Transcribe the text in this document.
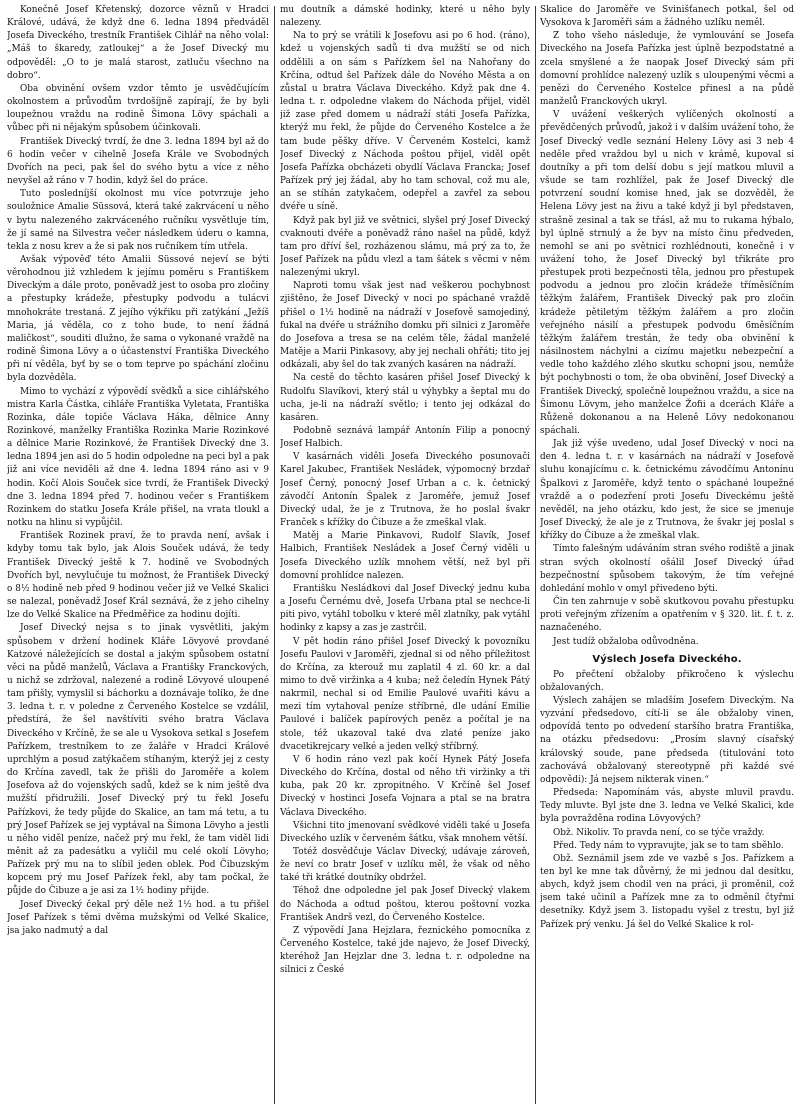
Konečně Josef Křetenský, dozorce věznů v Hradci Králové, udává, že když dne 6. ledna 1894 předváděl Josefa Diveckého, trestník František Cihlář na něho volal: „Máš to škaredy, zatloukej“ a že Josef Divecký mu odpověděl: „O to je malá starost, zatluču všechno na dobro“.

Oba obvinění ovšem vzdor těmto je usvědčujícím okolnostem a průvodům tvrdošíjně zapírají, že by byli loupežnou vraždu na rodině Šimona Lövy spáchali a vůbec při ni nějakým spůsobem účinkovali.

František Divecký tvrdí, že dne 3. ledna 1894 byl až do 6 hodin večer v cihelně Josefa Krále ve Svobodných Dvořích na peci, pak šel do svého bytu a více z něho nevyšel až ráno v 7 hodin, když šel do práce.

Tuto posledníjší okolnost mu více potvrzuje jeho souložnice Amalie Süssová, která také zakrvácení u něho v bytu nalezeného zakrváceného ručníku vysvětluje tím, že jí samé na Silvestra večer následkem úderu o kamna, tekla z nosu krev a že si pak nos ručníkem tím utřela.

Avšak výpověď této Amalii Süssové nejeví se býti věrohodnou již vzhledem k jejímu poměru s Františkem Diveckým a dále proto, poněvadž jest to osoba pro zločiny a přestupky krádeže, přestupky podvodu a tulácvi mnohokráte trestaná. Z jejího výkřiku při zatýkání „Ježíš Maria, já věděla, co z toho bude, to není žádná maličkost“, souditi dlužno, že sama o vykonané vraždě na rodině Šimona Lövy a o účastenství Františka Diveckého při ní věděla, byť by se o tom teprve po spáchání zločinu byla dozvěděla.

Mimo to vychází z výpovědí svědků a sice cihlářského mistra Karla Částka, cihláře Františka Vyletata, Františka Rozinka, dále topiče Václava Háka, dělnice Anny Rozinkové, manželky Františka Rozinka Marie Rozinkové a dělnice Marie Rozinkové, že František Divecký dne 3. ledna 1894 jen asi do 5 hodin odpoledne na peci byl a pak již ani více neviděli až dne 4. ledna 1894 ráno asi v 9 hodin. Kočí Alois Souček sice tvrdí, že František Divecký dne 3. ledna 1894 před 7. hodinou večer s Františkem Rozinkem do statku Josefa Krále přišel, na vrata tloukl a notku na hlinu si vypůjčil.

František Rozinek praví, že to pravda není, avšak i kdyby tomu tak bylo, jak Alois Souček udává, že tedy František Divecký ještě k 7. hodině ve Svobodných Dvořích byl, nevylučuje tu možnost, že František Divecký o 8½ hodině neb před 9 hodinou večer již ve Velké Skalici se nalezal, poněvadž Josef Král seznává, že z jeho cihelny lze do Velké Skalice na Předměřice za hodinu dojíti.

Josef Divecký nejsa s to jinak vysvětliti, jakým spůsobem v držení hodinek Kláře Lövyové provdané Katzové náležejících se dostal a jakým spůsobem ostatní věci na půdě manželů, Václava a Františky Franckových, u nichž se zdržoval, nalezené a rodině Lövyové uloupené tam přišly, vymyslil si báchorku a doznávaje toliko, že dne 3. ledna t. r. v poledne z Červeného Kostelce se vzdálil, předstírá, že šel navštíviti svého bratra Václava Diveckého v Krčíně, že se ale u Vysokova setkal s Josefem Pařízkem, trestníkem to ze žaláře v Hradci Králové uprchlým a posud zatýkačem stíhaným, kterýž jej z cesty do Krčína zavedl, tak že přišli do Jaroměře a kolem Josefova až do vojenských sadů, kdež se k nim ještě dva mužští přidružili. Josef Divecký prý tu řekl Josefu Pařízkovi, že tedy půjde do Skalice, an tam má tetu, a tu prý Josef Pařízek se jej vyptával na Šimona Lövyho a jestli u něho viděl peníze, načež prý mu řekl, že tam viděl lidi měnit až za padesátku a vyličil mu celé okolí Lövyho; Pařízek prý mu na to slíbil jeden oblek. Pod Čibuzským kopcem prý mu Josef Pařízek řekl, aby tam počkal, že půjde do Čibuze a je asi za 1½ hodiny přijde.

Josef Divecký čekal prý děle než 1½ hod. a tu přišel Josef Pařízek s těmi dvěma mužskými od Velké Skalice, jsa jako nadmutý a dal

mu doutník a dámské hodinky, které u něho byly nalezeny.

Na to prý se vrátili k Josefovu asi po 6 hod. (ráno), kdež u vojenských sadů ti dva mužští se od nich oddělili a on sám s Pařízkem šel na Nahořany do Krčína, odtud šel Pařízek dále do Nového Města a on zůstal u bratra Václava Diveckého. Když pak dne 4. ledna t. r. odpoledne vlakem do Náchoda přijel, viděl již zase před domem u nádraží státi Josefa Pařízka, kterýž mu řekl, že půjde do Červeného Kostelce a že tam bude pěšky dříve. V Červeném Kostelci, kamž Josef Divecký z Náchoda poštou přijel, viděl opět Josefa Pařízka obcházeti obydlí Václava Francka; Josef Pařízek prý jej žádal, aby ho tam schoval, což mu ale, an se stíhán zatykačem, odepřel a zavřel za sebou dvéře u síně.

Když pak byl již ve světnici, slyšel prý Josef Divecký cvaknouti dvéře a poněvadž ráno našel na půdě, když tam pro dříví šel, rozházenou slámu, má prý za to, že Josef Pařízek na půdu vlezl a tam šátek s věcmi v něm nalezenými ukryl.

Naproti tomu však jest nad veškerou pochybnost zjištěno, že Josef Divecký v noci po spáchané vraždě přišel o 1½ hodině na nádraží v Josefově samojediný, fukal na dvéře u strážního domku při silnici z Jaroměře do Josefova a tresa se na celém těle, žádal manželé Matěje a Marii Pinkasovy, aby jej nechali ohřáti; tito jej odkázali, aby šel do tak zvaných kasáren na nádraží.

Na cestě do těchto kasáren přišel Josef Divecký k Rudolfu Slavíkovi, který stál u výhybky a šeptal mu do ucha, je-li na nádraží světlo; i tento jej odkázal do kasáren.

Podobně seznává lampář Antonín Filip a ponocný Josef Halbich.

V kasárnách viděli Josefa Diveckého posunovači Karel Jakubec, František Nesládek, výpomocný brzdař Josef Černý, ponocný Josef Urban a c. k. četnický závodčí Antonín Špalek z Jaroměře, jemuž Josef Divecký udal, že je z Trutnova, že ho poslal švakr Franček s křížky do Čibuze a že zmeškal vlak.

Matěj a Marie Pinkavovi, Rudolf Slavík, Josef Halbich, František Nesládek a Josef Černý viděli u Josefa Diveckého uzlík mnohem větší, než byl při domovní prohlídce nalezen.

Františku Nesládkovi dal Josef Divecký jednu kuba a Josefu Černému dvě, Josefa Urbana ptal se nechce-li piti pivo, vytáhl tobolku v které měl zlatníky, pak vytáhl hodinky z kapsy a zas je zastrčil.

V pět hodin ráno přišel Josef Divecký k povozníku Josefu Paulovi v Jaroměři, zjednal si od něho příležitost do Krčína, za kterouž mu zaplatil 4 zl. 60 kr. a dal mimo to dvě viržinka a 4 kuba; než čeledín Hynek Pátý nakrmil, nechal si od Emilie Paulové uvařiti kávu a mezi tím vytahoval peníze stříbrné, dle udání Emilie Paulové i balíček papírových peněz a počítal je na stole, též ukazoval také dva zlaté peníze jako dvacetikrejcary velké a jeden velký stříbrný.

V 6 hodin ráno vezl pak kočí Hynek Pátý Josefa Diveckého do Krčína, dostal od něho tři viržinky a tři kuba, pak 20 kr. zpropitného. V Krčíně šel Josef Divecký v hostinci Josefa Vojnara a ptal se na bratra Václava Diveckého.

Všichni tito jmenovaní svědkové viděli také u Josefa Diveckého uzlík v červeném šátku, však mnohem větší.

Totéž dosvědčuje Václav Divecký, udávaje zároveň, že neví co bratr Josef v uzlíku měl, že však od něho také tři krátké doutníky obdržel.

Téhož dne odpoledne jel pak Josef Divecký vlakem do Náchoda a odtud poštou, kterou poštovní vozka František Andrš vezl, do Červeného Kostelce.

Z výpovědí Jana Hejzlara, řeznického pomocníka z Červeného Kostelce, také jde najevo, že Josef Divecký, kteréhož Jan Hejzlar dne 3. ledna t. r. odpoledne na silnici z České

Skalice do Jaroměře ve Svinišťanech potkal, šel od Vysokova k Jaroměři sám a žádného uzlíku neměl.

Z toho všeho následuje, že vymlouvání se Josefa Diveckého na Josefa Pařízka jest úplně bezpodstatné a zcela smyšlené a že naopak Josef Divecký sám při domovní prohlídce nalezený uzlík s uloupenými věcmi a penězi do Červeného Kostelce přinesl a na půdě manželů Franckových ukryl.

V uvážení veškerých vylíčených okolností a převědčených průvodů, jakož i v dalším uvážení toho, že Josef Divecký vedle seznání Heleny Lövy asi 3 neb 4 neděle před vraždou byl u nich v krámě, kupoval si doutníky a při tom delší dobu s její matkou mluvil a všude se tam rozhlížel, pak že Josef Divecký dle potvrzení soudní komise hned, jak se dozvěděl, že Helena Lövy jest na živu a také když ji byl představen, strašně zesinal a tak se třásl, až mu to rukama hýbalo, byl úplně strnulý a že byv na místo činu předveden, nemohl se ani po světnici rozhlédnouti, konečně i v uvážení toho, že Josef Divecký byl třikráte pro přestupek proti bezpečnosti těla, jednou pro přestupek podvodu a jednou pro zločin krádeže tříměsíčním těžkým žalářem, František Divecký pak pro zločin krádeže pětiletým těžkým žalářem a pro zločin veřejného násilí a přestupek podvodu 6měsíčním těžkým žalářem trestán, že tedy oba obvinění k násilnostem náchylni a cizímu majetku nebezpeční a vedle toho každého zlého skutku schopni jsou, nemůže být pochybnosti o tom, že oba obvinění, Josef Divecký a František Divecký, společně loupežnou vraždu, a sice na Šimonu Lövym, jeho manželce Žofii a dcerách Kláře a Růženě dokonanou a na Heleně Lövy nedokonanou spáchali.

Jak již výše uvedeno, udal Josef Divecký v noci na den 4. ledna t. r. v kasárnách na nádraží v Josefově sluhu konajícímu c. k. četnickému závodčímu Antonínu Špalkovi z Jaroměře, když tento o spáchané loupežné vraždě a o podezření proti Josefu Diveckému ještě nevěděl, na jeho otázku, kdo jest, že sice se jmenuje Josef Divecký, že ale je z Trutnova, že švakr jej poslal s křížky do Čibuze a že zmeškal vlak.

Tímto falešným udáváním stran svého rodiště a jinak stran svých okolností ošálil Josef Divecký úřad bezpečnostní spůsobem takovým, že tím veřejné dohledání mohlo v omyl přivedeno býti.

Čin ten zahrnuje v sobě skutkovou povahu přestupku proti veřejným zřízením a opatřením v § 320. lit. f. t. z. naznačeného.

Jest tudíž obžaloba odůvodněna.

Výslech Josefa Diveckého.

Po přečtení obžaloby přikročeno k výslechu obžalovaných.

Výslech zahájen se mladším Josefem Diveckým. Na vyzvání předsedovo, cítí-li se ále obžaloby vinen, odpovídá tento po odvedení staršího bratra Františka, na otázku předsedovu: „Prosím slavný císařský královský soude, pane předseda (titulování toto zachovává obžalovaný stereotypně při každé své odpovědi): Já nejsem nikterak vinen.“

Předseda: Napomínám vás, abyste mluvil pravdu. Tedy mluvte. Byl jste dne 3. ledna ve Velké Skalici, kde byla povražděna rodina Lövyových?

Obž. Nikoliv. To pravda není, co se týče vraždy.

Před. Tedy nám to vypravujte, jak se to tam sběhlo.

Obž. Seznámil jsem zde ve vazbě s Jos. Pařízkem a ten byl ke mne tak důvěrný, že mi jednou dal desítku, abych, když jsem chodil ven na práci, ji proměnil, což jsem také učinil a Pařízek mne za to odměnil čtyřmi desetníky. Když jsem 3. listopadu vyšel z trestu, byl již Pařízek prý venku. Já šel do Velké Skalice k rol-
